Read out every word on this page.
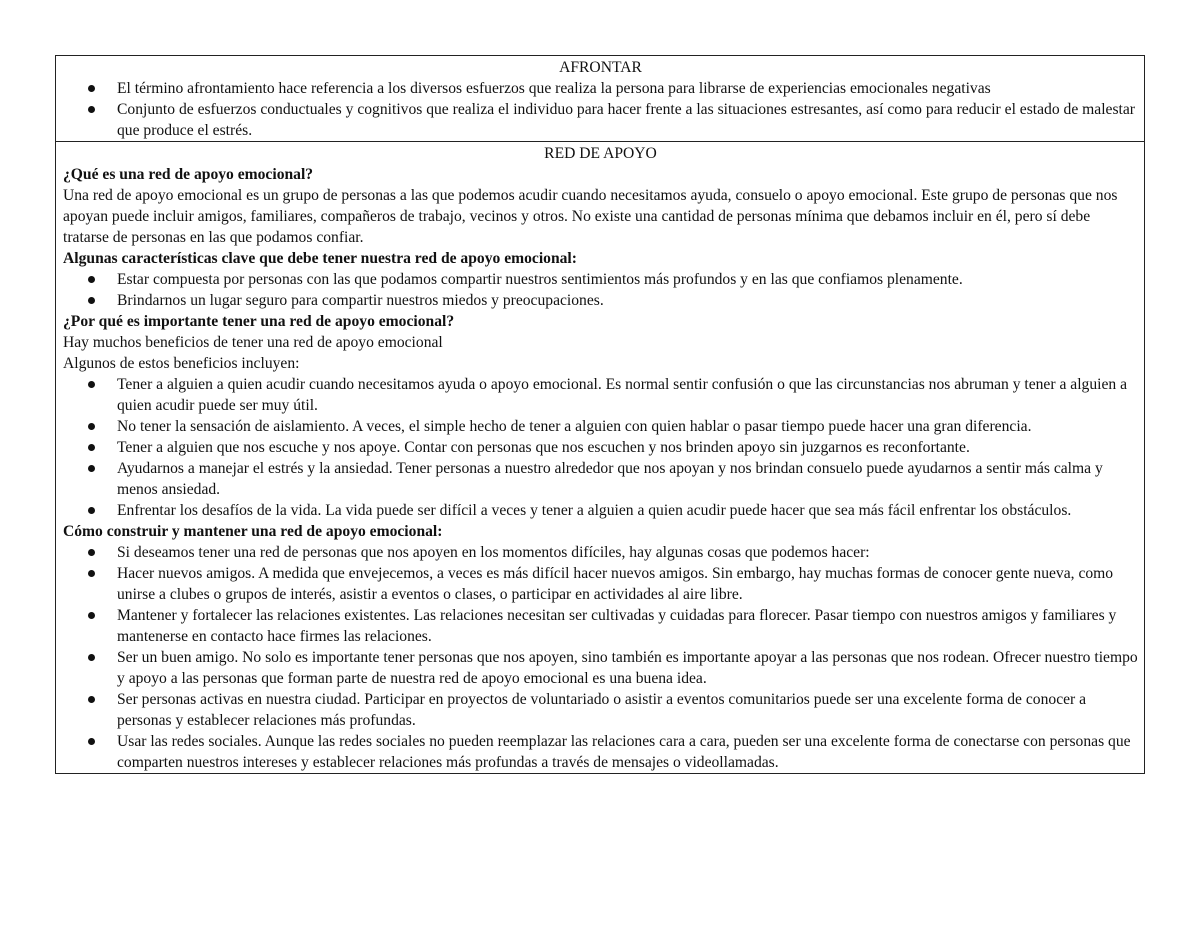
AFRONTAR

El término afrontamiento hace referencia a los diversos esfuerzos que realiza la persona para librarse de experiencias emocionales negativas
Conjunto de esfuerzos conductuales y cognitivos que realiza el individuo para hacer frente a las situaciones estresantes, así como para reducir el estado de malestar que produce el estrés.

RED DE APOYO

¿Qué es una red de apoyo emocional?

Una red de apoyo emocional es un grupo de personas a las que podemos acudir cuando necesitamos ayuda, consuelo o apoyo emocional. Este grupo de personas que nos apoyan puede incluir amigos, familiares, compañeros de trabajo, vecinos y otros. No existe una cantidad de personas mínima que debamos incluir en él, pero sí debe tratarse de personas en las que podamos confiar.

Algunas características clave que debe tener nuestra red de apoyo emocional:

Estar compuesta por personas con las que podamos compartir nuestros sentimientos más profundos y en las que confiamos plenamente.
Brindarnos un lugar seguro para compartir nuestros miedos y preocupaciones.

¿Por qué es importante tener una red de apoyo emocional?

Hay muchos beneficios de tener una red de apoyo emocional

Algunos de estos beneficios incluyen:

Tener a alguien a quien acudir cuando necesitamos ayuda o apoyo emocional. Es normal sentir confusión o que las circunstancias nos abruman y tener a alguien a quien acudir puede ser muy útil.
No tener la sensación de aislamiento. A veces, el simple hecho de tener a alguien con quien hablar o pasar tiempo puede hacer una gran diferencia.
Tener a alguien que nos escuche y nos apoye. Contar con personas que nos escuchen y nos brinden apoyo sin juzgarnos es reconfortante.
Ayudarnos a manejar el estrés y la ansiedad. Tener personas a nuestro alrededor que nos apoyan y nos brindan consuelo puede ayudarnos a sentir más calma y menos ansiedad.
Enfrentar los desafíos de la vida. La vida puede ser difícil a veces y tener a alguien a quien acudir puede hacer que sea más fácil enfrentar los obstáculos.

Cómo construir y mantener una red de apoyo emocional:

Si deseamos tener una red de personas que nos apoyen en los momentos difíciles, hay algunas cosas que podemos hacer:
Hacer nuevos amigos. A medida que envejecemos, a veces es más difícil hacer nuevos amigos. Sin embargo, hay muchas formas de conocer gente nueva, como unirse a clubes o grupos de interés, asistir a eventos o clases, o participar en actividades al aire libre.
Mantener y fortalecer las relaciones existentes. Las relaciones necesitan ser cultivadas y cuidadas para florecer. Pasar tiempo con nuestros amigos y familiares y mantenerse en contacto hace firmes las relaciones.
Ser un buen amigo. No solo es importante tener personas que nos apoyen, sino también es importante apoyar a las personas que nos rodean. Ofrecer nuestro tiempo y apoyo a las personas que forman parte de nuestra red de apoyo emocional es una buena idea.
Ser personas activas en nuestra ciudad. Participar en proyectos de voluntariado o asistir a eventos comunitarios puede ser una excelente forma de conocer a personas y establecer relaciones más profundas.
Usar las redes sociales. Aunque las redes sociales no pueden reemplazar las relaciones cara a cara, pueden ser una excelente forma de conectarse con personas que comparten nuestros intereses y establecer relaciones más profundas a través de mensajes o videollamadas.
